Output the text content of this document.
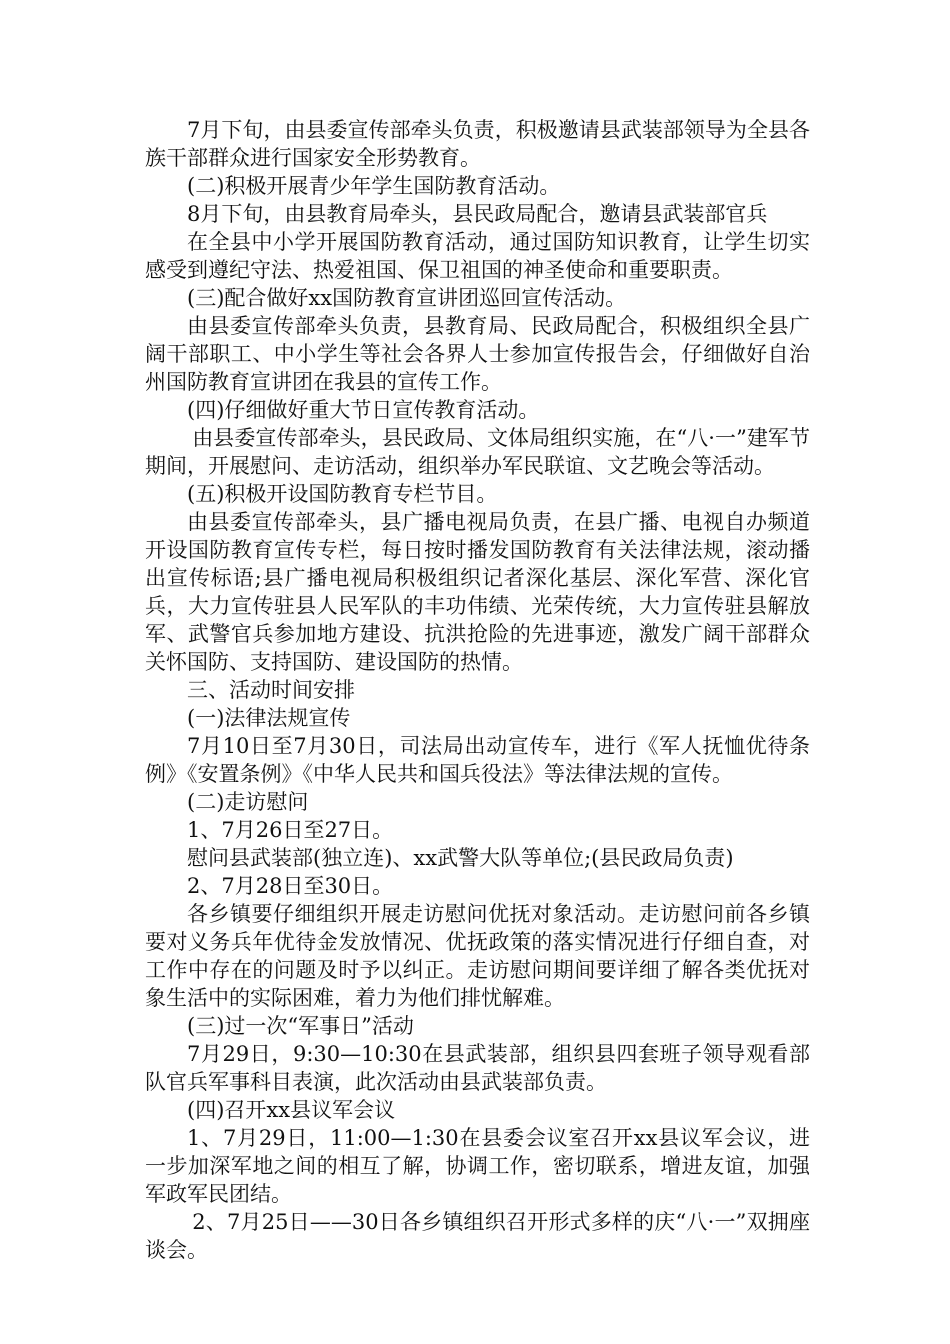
7月下旬，由县委宣传部牵头负责，积极邀请县武装部领导为全县各族干部群众进行国家安全形势教育。

(二)积极开展青少年学生国防教育活动。

8月下旬，由县教育局牵头，县民政局配合，邀请县武装部官兵

在全县中小学开展国防教育活动，通过国防知识教育，让学生切实感受到遵纪守法、热爱祖国、保卫祖国的神圣使命和重要职责。

(三)配合做好xx国防教育宣讲团巡回宣传活动。

由县委宣传部牵头负责，县教育局、民政局配合，积极组织全县广阔干部职工、中小学生等社会各界人士参加宣传报告会，仔细做好自治州国防教育宣讲团在我县的宣传工作。

(四)仔细做好重大节日宣传教育活动。

由县委宣传部牵头，县民政局、文体局组织实施，在“八·一”建军节期间，开展慰问、走访活动，组织举办军民联谊、文艺晚会等活动。

(五)积极开设国防教育专栏节目。

由县委宣传部牵头，县广播电视局负责，在县广播、电视自办频道开设国防教育宣传专栏，每日按时播发国防教育有关法律法规，滚动播出宣传标语;县广播电视局积极组织记者深化基层、深化军营、深化官兵，大力宣传驻县人民军队的丰功伟绩、光荣传统，大力宣传驻县解放军、武警官兵参加地方建设、抗洪抢险的先进事迹，激发广阔干部群众关怀国防、支持国防、建设国防的热情。

三、活动时间安排

(一)法律法规宣传

7月10日至7月30日，司法局出动宣传车，进行《军人抚恤优待条例》《安置条例》《中华人民共和国兵役法》等法律法规的宣传。

(二)走访慰问

1、7月26日至27日。

慰问县武装部(独立连)、xx武警大队等单位;(县民政局负责)

2、7月28日至30日。

各乡镇要仔细组织开展走访慰问优抚对象活动。走访慰问前各乡镇要对义务兵年优待金发放情况、优抚政策的落实情况进行仔细自查，对工作中存在的问题及时予以纠正。走访慰问期间要详细了解各类优抚对象生活中的实际困难，着力为他们排忧解难。

(三)过一次“军事日”活动

7月29日，9:30—10:30在县武装部，组织县四套班子领导观看部队官兵军事科目表演，此次活动由县武装部负责。

(四)召开xx县议军会议

1、7月29日，11:00—1:30在县委会议室召开xx县议军会议，进一步加深军地之间的相互了解，协调工作，密切联系，增进友谊，加强军政军民团结。

2、7月25日——30日各乡镇组织召开形式多样的庆“八·一”双拥座谈会。
